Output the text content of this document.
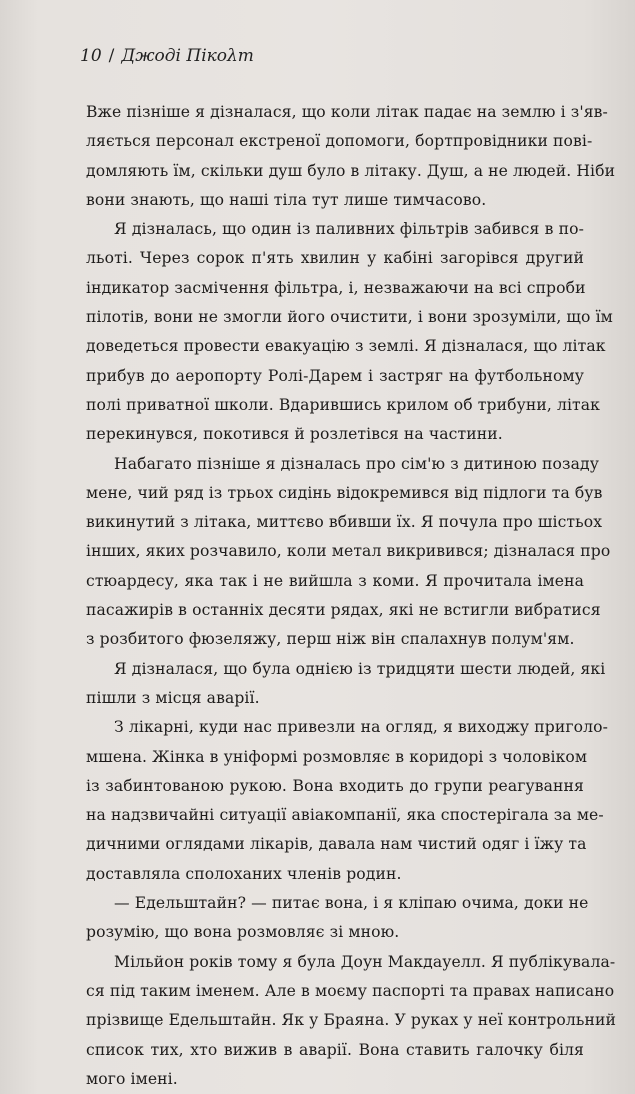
10 / Джоді Пікολт
Вже пізніше я дізналася, що коли літак падає на землю і з'яв-
ляється персонал екстреної допомоги, бортпровідники пові-
домляють їм, скільки душ було в літаку. Душ, а не людей. Ніби
вони знають, що наші тіла тут лише тимчасово.
Я дізналась, що один із паливних фільтрів забився в по-
льоті. Через сорок п'ять хвилин у кабіні загорівся другий
індикатор засмічення фільтра, і, незважаючи на всі спроби
пілотів, вони не змогли його очистити, і вони зрозуміли, що їм
доведеться провести евакуацію з землі. Я дізналася, що літак
прибув до аеропорту Ролі-Дарем і застряг на футбольному
полі приватної школи. Вдарившись крилом об трибуни, літак
перекинувся, покотився й розлетівся на частини.
Набагато пізніше я дізналась про сім'ю з дитиною позаду
мене, чий ряд із трьох сидінь відокремився від підлоги та був
викинутий з літака, миттєво вбивши їх. Я почула про шістьох
інших, яких розчавило, коли метал викривився; дізналася про
стюардесу, яка так і не вийшла з коми. Я прочитала імена
пасажирів в останніх десяти рядах, які не встигли вибратися
з розбитого фюзеляжу, перш ніж він спалахнув полум'ям.
Я дізналася, що була однією із тридцяти шести людей, які
пішли з місця аварії.
З лікарні, куди нас привезли на огляд, я виходжу пригoло-
мшена. Жінка в уніформі розмовляє в коридорі з чоловіком
із забинтованою рукою. Вона входить до групи реагування
на надзвичайні ситуації авіакомпанії, яка спостерігала за ме-
дичними оглядами лікарів, давала нам чистий одяг і їжу та
доставляла сполоханих членів родин.
— Едельштайн? — питає вона, і я кліпаю очима, доки не
розумію, що вона розмовляє зі мною.
Мільйон років тому я була Доун Макдауелл. Я публікувала-
ся під таким іменем. Але в моєму паспорті та правах написано
прізвище Едельштайн. Як у Браяна. У руках у неї контрольний
список тих, хто вижив в аварії. Вона ставить галочку біля
мого імені.
